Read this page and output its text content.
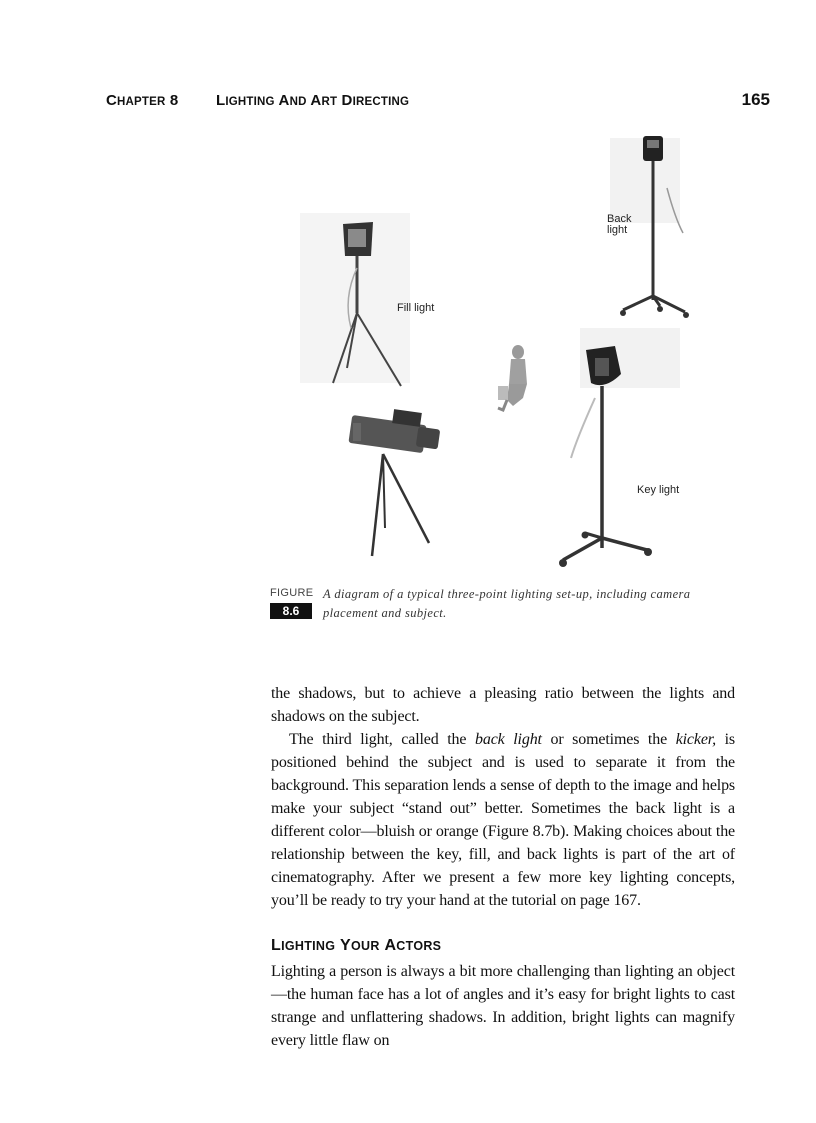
CHAPTER 8	LIGHTING AND ART DIRECTING	165
Back
light
Fill light
Key light
FIGURE
8.6
A diagram of a typical three-point lighting set-up, including camera placement and subject.
the shadows, but to achieve a pleasing ratio between the lights and shadows on the subject.
The third light, called the back light or sometimes the kicker, is positioned behind the subject and is used to separate it from the background. This separation lends a sense of depth to the image and helps make your subject “stand out” better. Sometimes the back light is a different color—bluish or orange (Figure 8.7b). Making choices about the relationship between the key, fill, and back lights is part of the art of cinematography. After we present a few more key lighting concepts, you’ll be ready to try your hand at the tutorial on page 167.
LIGHTING YOUR ACTORS
Lighting a person is always a bit more challenging than lighting an object—the human face has a lot of angles and it’s easy for bright lights to cast strange and unflattering shadows. In addition, bright lights can magnify every little flaw on
